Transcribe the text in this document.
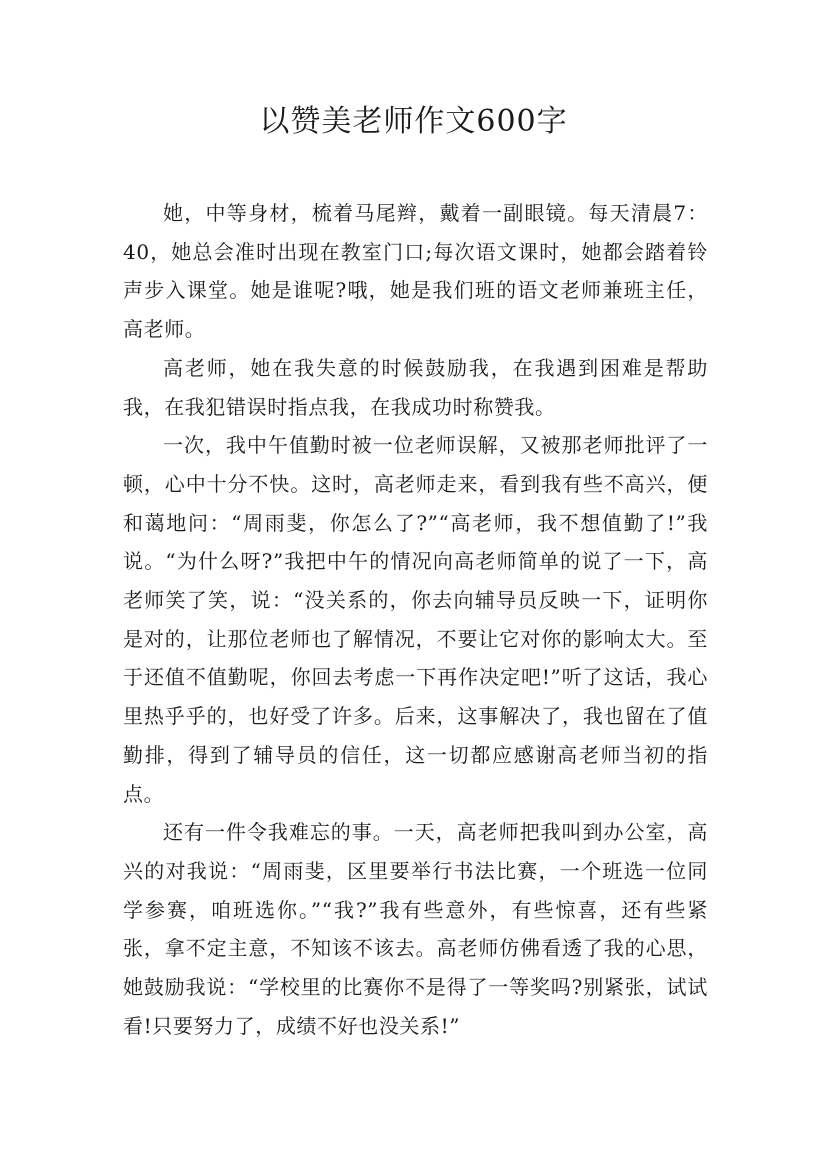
以赞美老师作文600字

她，中等身材，梳着马尾辫，戴着一副眼镜。每天清晨7：40，她总会准时出现在教室门口;每次语文课时，她都会踏着铃声步入课堂。她是谁呢?哦，她是我们班的语文老师兼班主任，高老师。

高老师，她在我失意的时候鼓励我，在我遇到困难是帮助我，在我犯错误时指点我，在我成功时称赞我。

一次，我中午值勤时被一位老师误解，又被那老师批评了一顿，心中十分不快。这时，高老师走来，看到我有些不高兴，便和蔼地问：“周雨斐，你怎么了?”“高老师，我不想值勤了!”我说。“为什么呀?”我把中午的情况向高老师简单的说了一下，高老师笑了笑，说：“没关系的，你去向辅导员反映一下，证明你是对的，让那位老师也了解情况，不要让它对你的影响太大。至于还值不值勤呢，你回去考虑一下再作决定吧!”听了这话，我心里热乎乎的，也好受了许多。后来，这事解决了，我也留在了值勤排，得到了辅导员的信任，这一切都应感谢高老师当初的指点。

还有一件令我难忘的事。一天，高老师把我叫到办公室，高兴的对我说：“周雨斐，区里要举行书法比赛，一个班选一位同学参赛，咱班选你。”“我?”我有些意外，有些惊喜，还有些紧张，拿不定主意，不知该不该去。高老师仿佛看透了我的心思，她鼓励我说：“学校里的比赛你不是得了一等奖吗?别紧张，试试看!只要努力了，成绩不好也没关系!”
